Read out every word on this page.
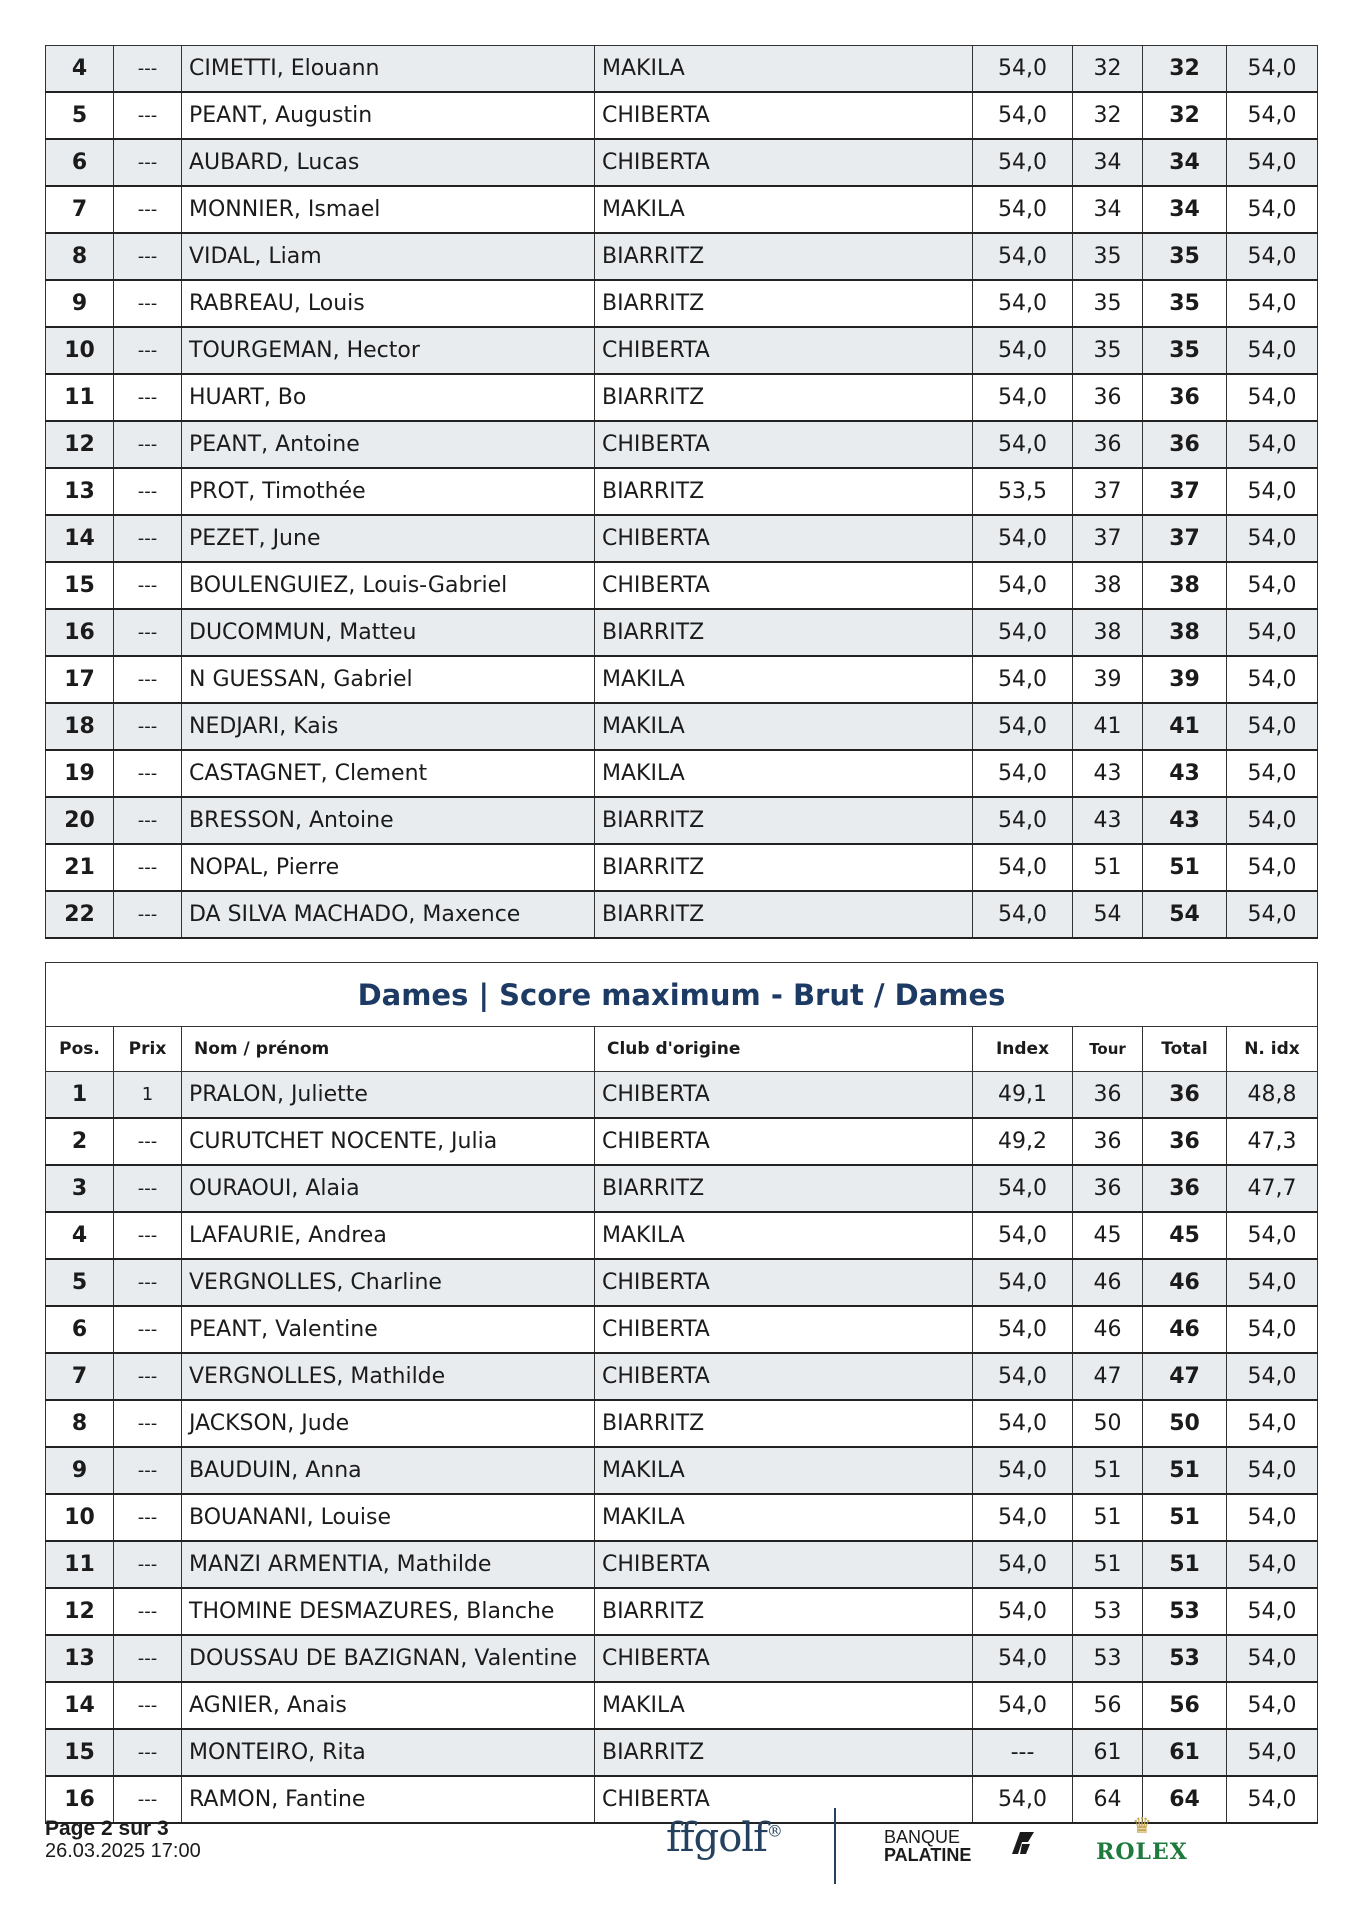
4	---	CIMETTI, Elouann	MAKILA	54,0	32	32	54,0
5	---	PEANT, Augustin	CHIBERTA	54,0	32	32	54,0
6	---	AUBARD, Lucas	CHIBERTA	54,0	34	34	54,0
7	---	MONNIER, Ismael	MAKILA	54,0	34	34	54,0
8	---	VIDAL, Liam	BIARRITZ	54,0	35	35	54,0
9	---	RABREAU, Louis	BIARRITZ	54,0	35	35	54,0
10	---	TOURGEMAN, Hector	CHIBERTA	54,0	35	35	54,0
11	---	HUART, Bo	BIARRITZ	54,0	36	36	54,0
12	---	PEANT, Antoine	CHIBERTA	54,0	36	36	54,0
13	---	PROT, Timothée	BIARRITZ	53,5	37	37	54,0
14	---	PEZET, June	CHIBERTA	54,0	37	37	54,0
15	---	BOULENGUIEZ, Louis-Gabriel	CHIBERTA	54,0	38	38	54,0
16	---	DUCOMMUN, Matteu	BIARRITZ	54,0	38	38	54,0
17	---	N GUESSAN, Gabriel	MAKILA	54,0	39	39	54,0
18	---	NEDJARI, Kais	MAKILA	54,0	41	41	54,0
19	---	CASTAGNET, Clement	MAKILA	54,0	43	43	54,0
20	---	BRESSON, Antoine	BIARRITZ	54,0	43	43	54,0
21	---	NOPAL, Pierre	BIARRITZ	54,0	51	51	54,0
22	---	DA SILVA MACHADO, Maxence	BIARRITZ	54,0	54	54	54,0
Dames | Score maximum - Brut / Dames							
Pos.	Prix	Nom / prénom	Club d'origine	Index	Tour	Total	N. idx
1	1	PRALON, Juliette	CHIBERTA	49,1	36	36	48,8
2	---	CURUTCHET NOCENTE, Julia	CHIBERTA	49,2	36	36	47,3
3	---	OURAOUI, Alaia	BIARRITZ	54,0	36	36	47,7
4	---	LAFAURIE, Andrea	MAKILA	54,0	45	45	54,0
5	---	VERGNOLLES, Charline	CHIBERTA	54,0	46	46	54,0
6	---	PEANT, Valentine	CHIBERTA	54,0	46	46	54,0
7	---	VERGNOLLES, Mathilde	CHIBERTA	54,0	47	47	54,0
8	---	JACKSON, Jude	BIARRITZ	54,0	50	50	54,0
9	---	BAUDUIN, Anna	MAKILA	54,0	51	51	54,0
10	---	BOUANANI, Louise	MAKILA	54,0	51	51	54,0
11	---	MANZI ARMENTIA, Mathilde	CHIBERTA	54,0	51	51	54,0
12	---	THOMINE DESMAZURES, Blanche	BIARRITZ	54,0	53	53	54,0
13	---	DOUSSAU DE BAZIGNAN, Valentine	CHIBERTA	54,0	53	53	54,0
14	---	AGNIER, Anais	MAKILA	54,0	56	56	54,0
15	---	MONTEIRO, Rita	BIARRITZ	---	61	61	54,0
16	---	RAMON, Fantine	CHIBERTA	54,0	64	64	54,0
Page 2 sur 3
26.03.2025 17:00	ffgolf®	BANQUE
PALATINE
♛
ROLEX
